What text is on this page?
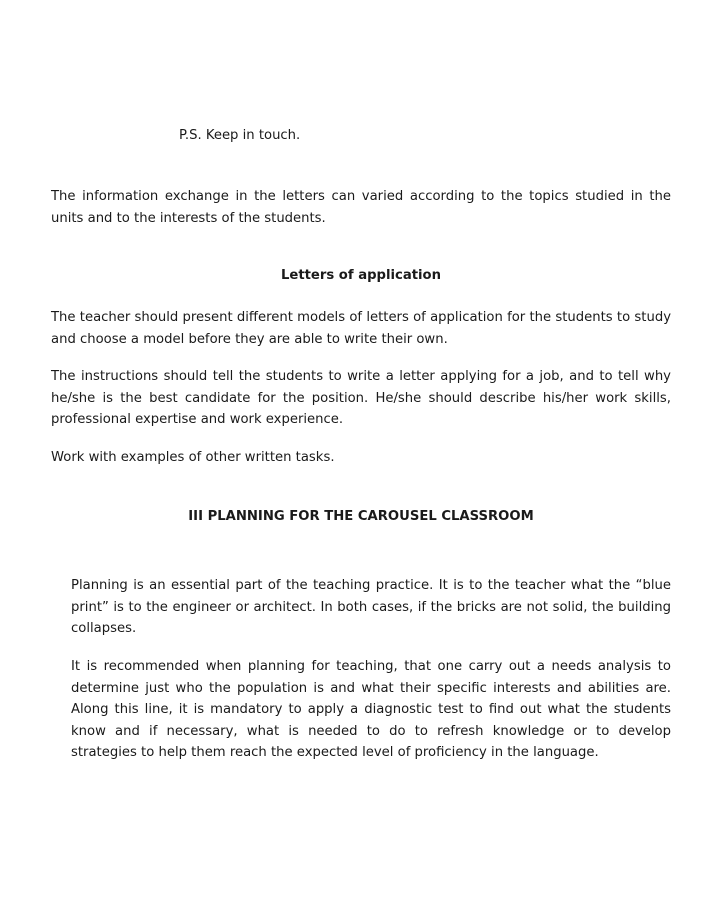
P.S. Keep in touch.

The information exchange in the letters can varied according to the topics studied in the units and to the interests of the students.

Letters of application

The teacher should present different models of letters of application for the students to study and choose a model before they are able to write their own.

The instructions should tell the students to write a letter applying for a job, and to tell why he/she is the best candidate for the position. He/she should describe his/her work skills, professional expertise and work experience.

Work with examples of other written tasks.

III PLANNING FOR THE CAROUSEL CLASSROOM

Planning is an essential part of the teaching practice. It is to the teacher what the “blue print” is to the engineer or architect. In both cases, if the bricks are not solid, the building collapses.

It is recommended when planning for teaching, that one carry out a needs analysis to determine just who the population is and what their specific interests and abilities are. Along this line, it is mandatory to apply a diagnostic test to find out what the students know and if necessary, what is needed to do to refresh knowledge or to develop strategies to help them reach the expected level of proficiency in the language.
